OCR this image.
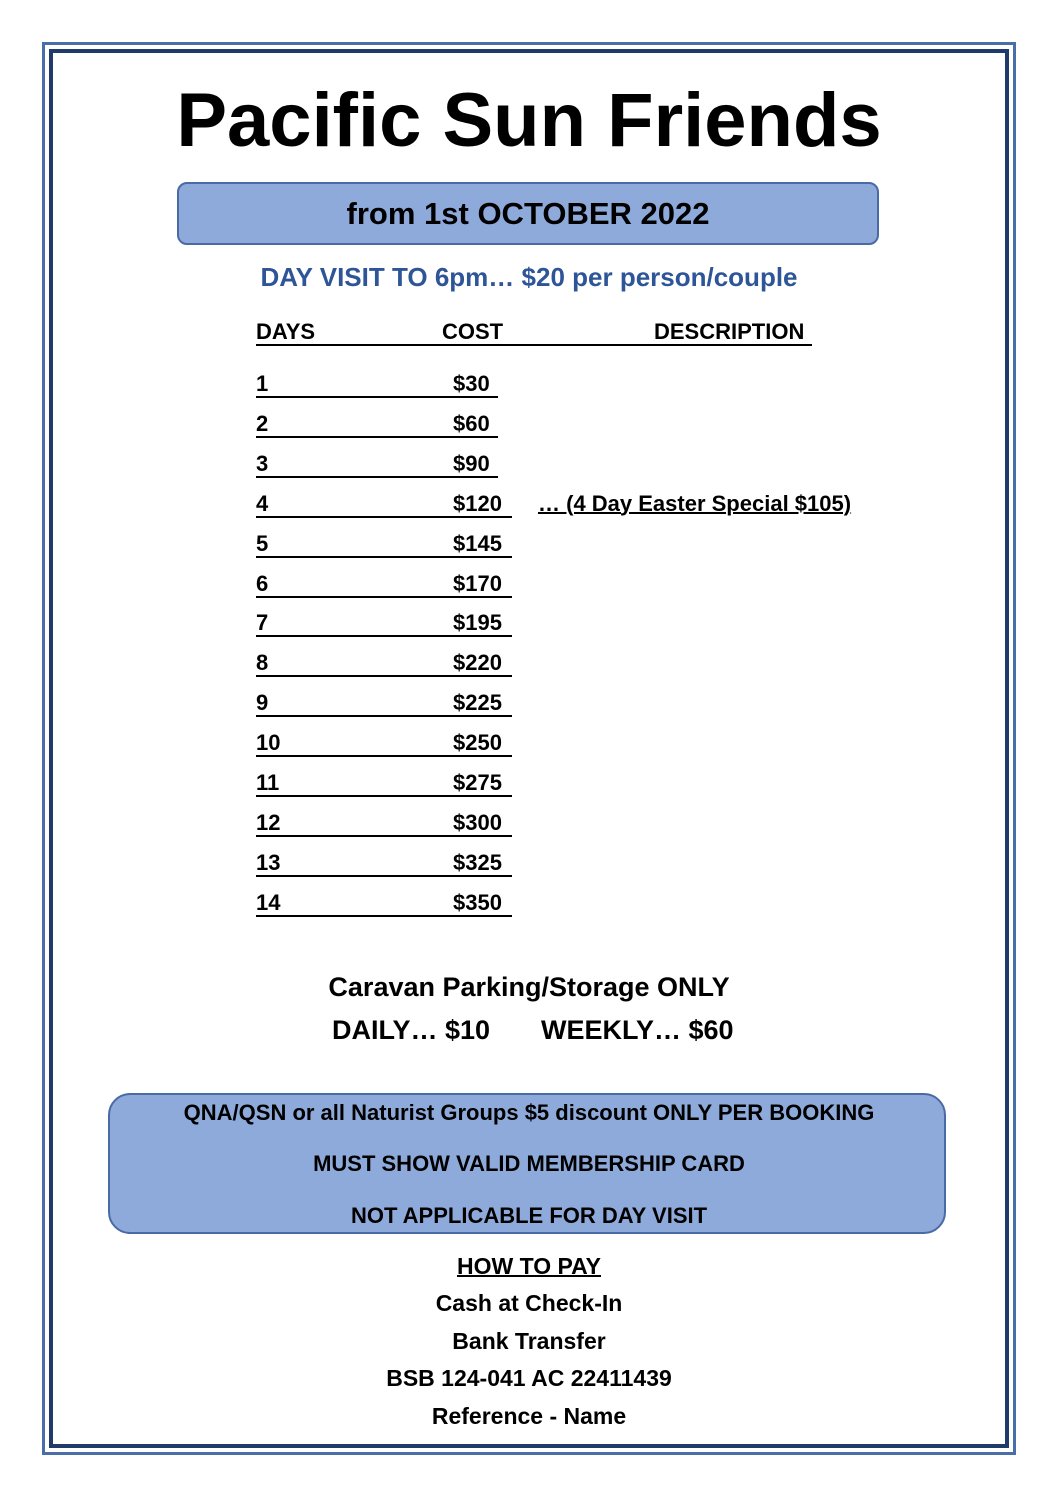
Pacific Sun Friends
from 1st OCTOBER 2022
DAY VISIT TO 6pm… $20 per person/couple
DAYS	COST	DESCRIPTION
1	$30
2	$60
3	$90
4	$120 … (4 Day Easter Special $105)
5	$145
6	$170
7	$195
8	$220
9	$225
10	$250
11	$275
12	$300
13	$325
14	$350
Caravan Parking/Storage ONLY
DAILY… $10 WEEKLY… $60
QNA/QSN or all Naturist Groups $5 discount ONLY PER BOOKING
MUST SHOW VALID MEMBERSHIP CARD
NOT APPLICABLE FOR DAY VISIT
HOW TO PAY
Cash at Check-In
Bank Transfer
BSB 124-041 AC 22411439
Reference - Name
